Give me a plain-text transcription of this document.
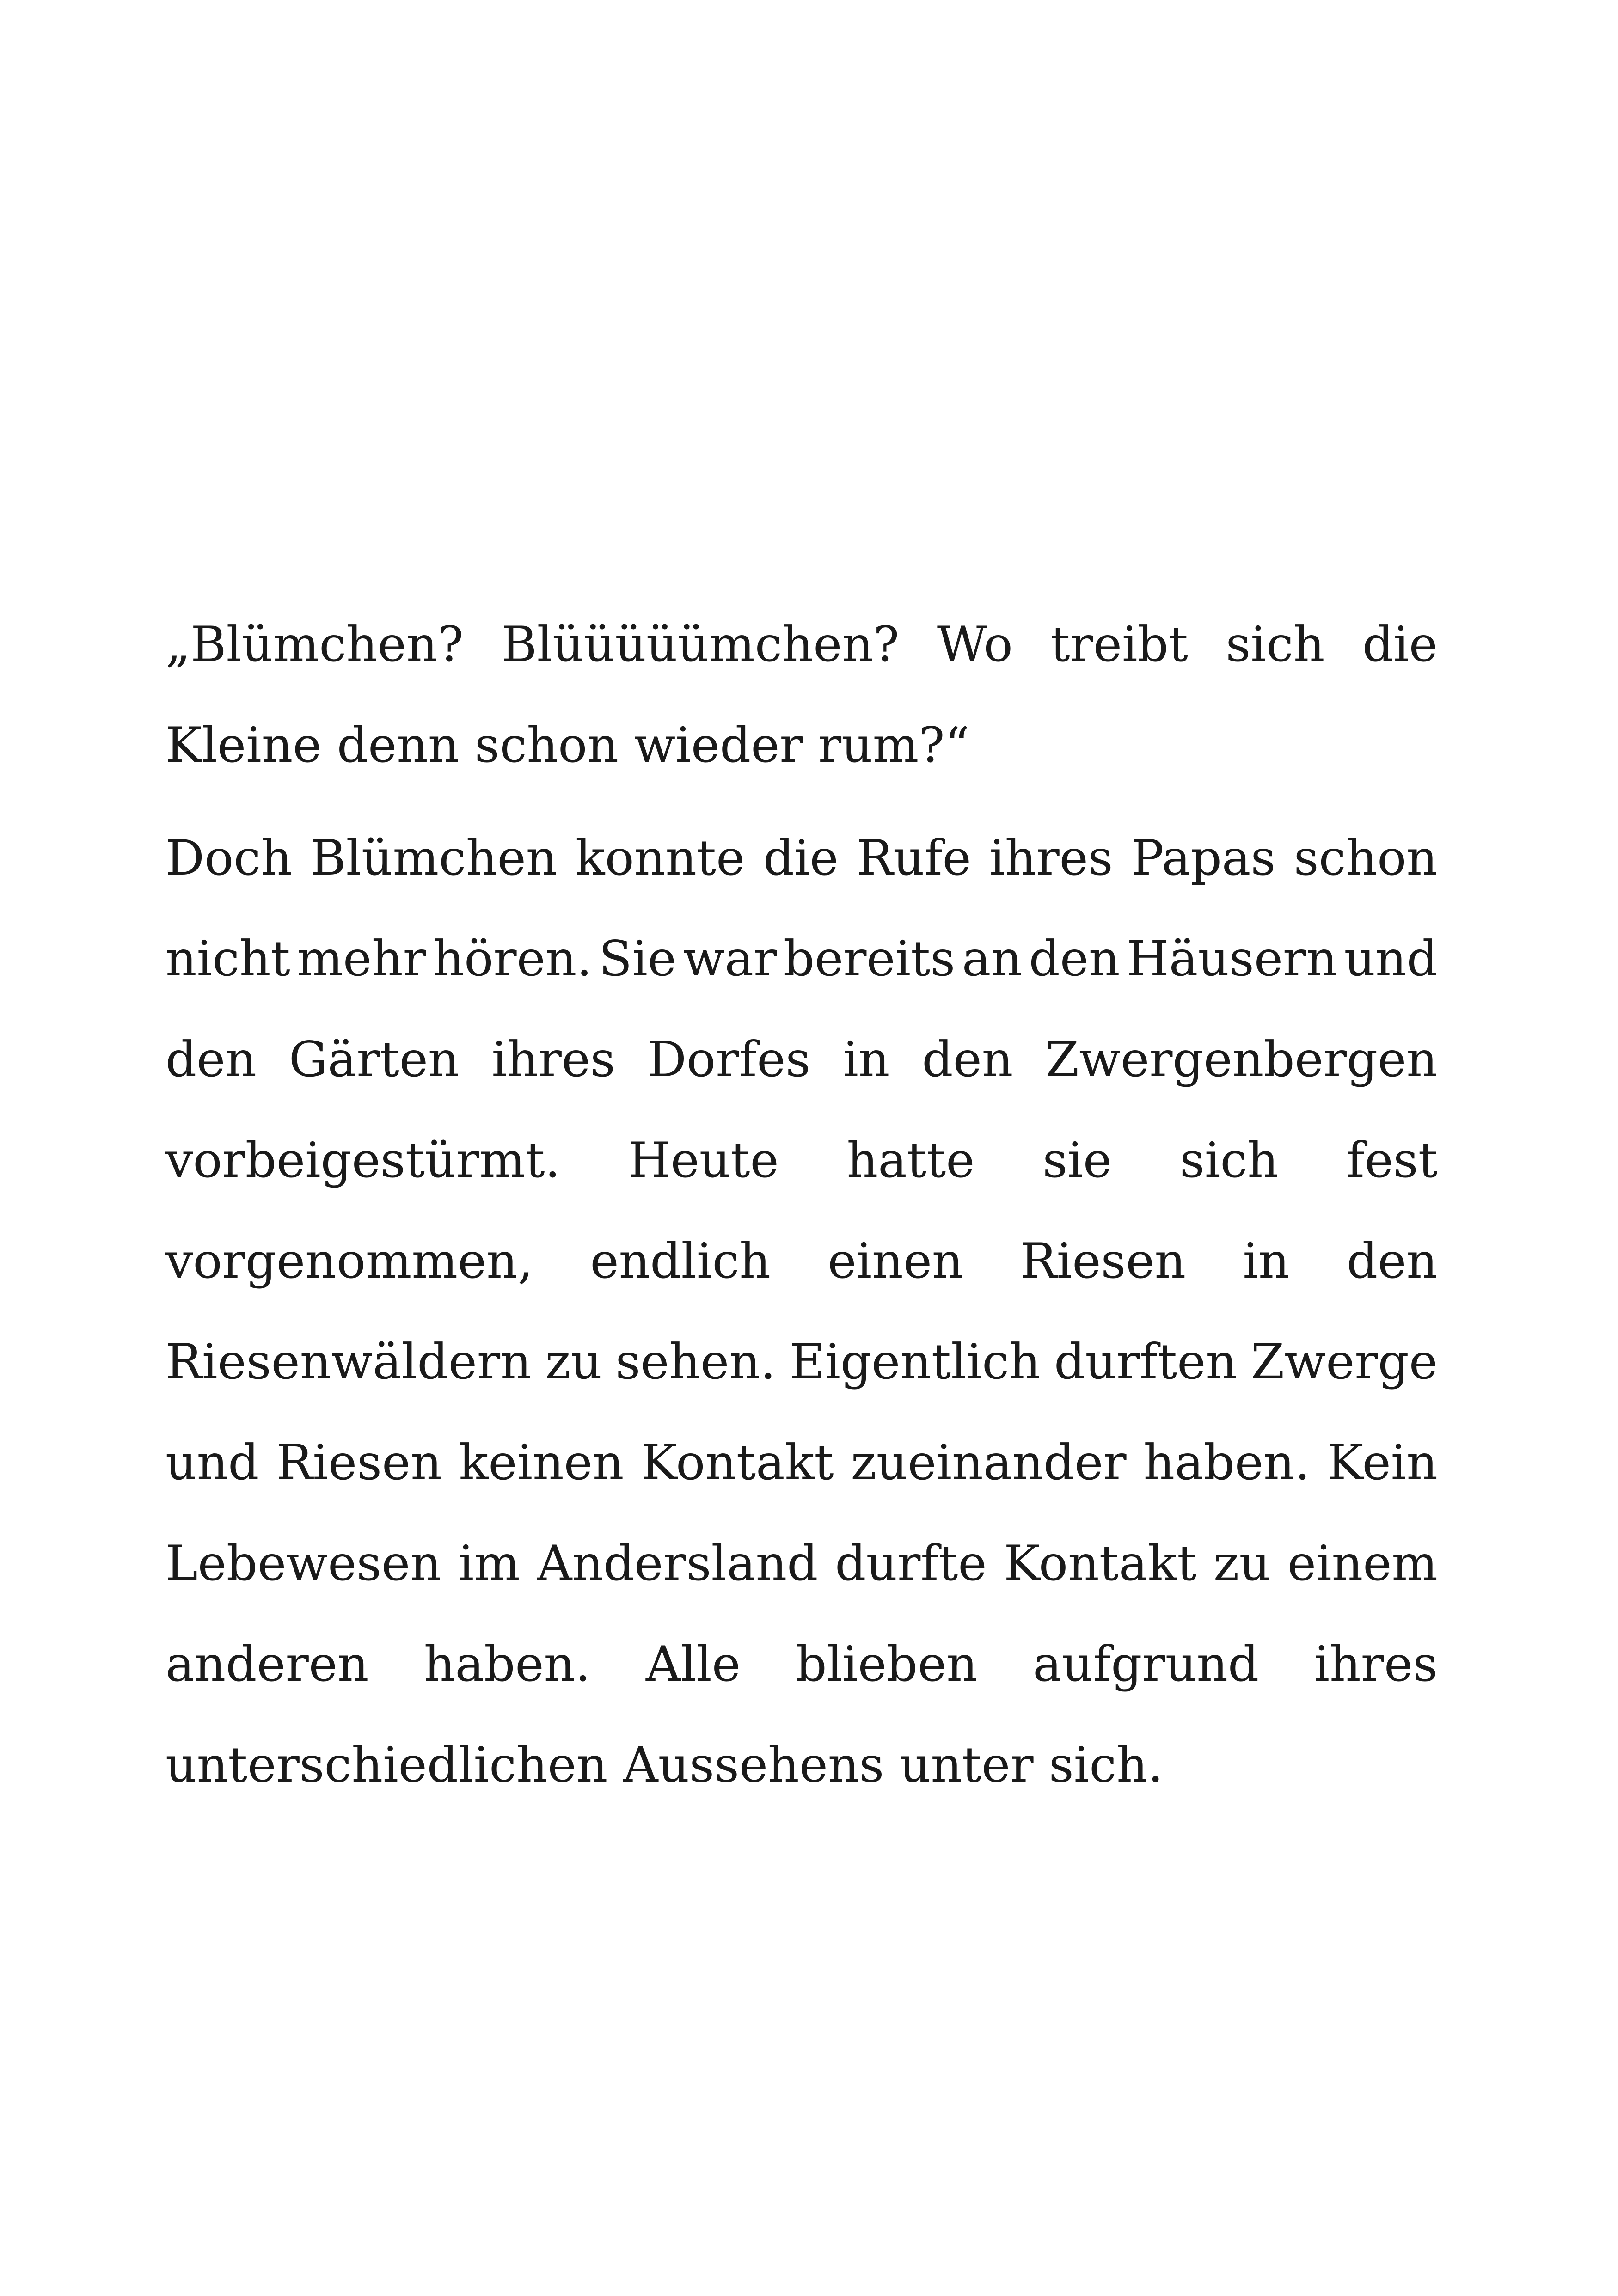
„Blümchen? Blüüüüümchen? Wo treibt sich die
Kleine denn schon wieder rum?“
Doch Blümchen konnte die Rufe ihres Papas schon
nicht mehr hören. Sie war bereits an den Häusern und
den Gärten ihres Dorfes in den Zwergenbergen
vorbeigestürmt. Heute hatte sie sich fest
vorgenommen, endlich einen Riesen in den
Riesenwäldern zu sehen. Eigentlich durften Zwerge
und Riesen keinen Kontakt zueinander haben. Kein
Lebewesen im Andersland durfte Kontakt zu einem
anderen haben. Alle blieben aufgrund ihres
unterschiedlichen Aussehens unter sich.
